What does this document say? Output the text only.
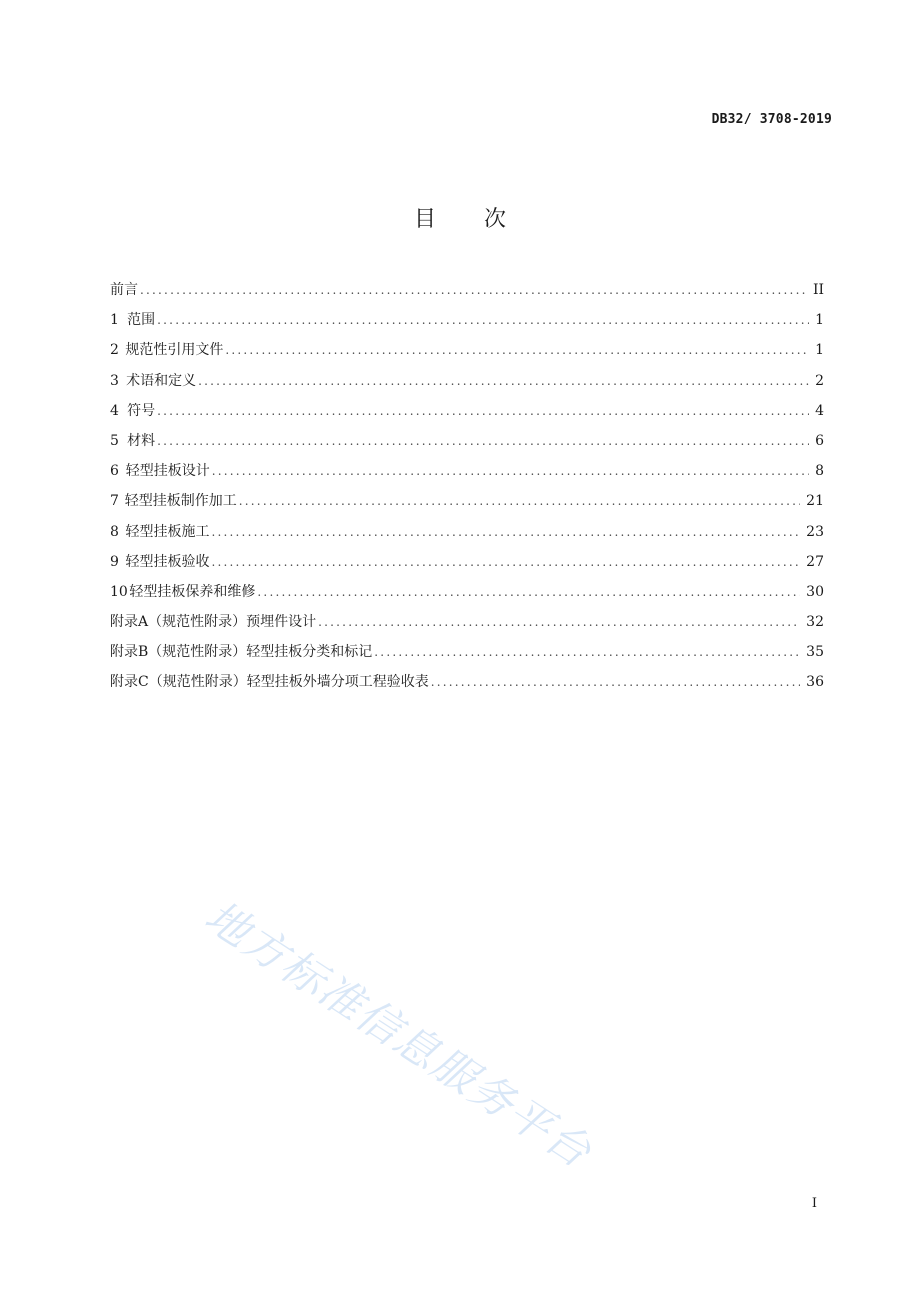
DB32/ 3708-2019
目次
前言 .....	II
1 范围 .....	1
2 规范性引用文件 .....	1
3 术语和定义 .....	2
4 符号 .....	4
5 材料 .....	6
6 轻型挂板设计 .....	8
7 轻型挂板制作加工 .....	21
8 轻型挂板施工 .....	23
9 轻型挂板验收 .....	27
10 轻型挂板保养和维修 .....	30
附录A（规范性附录） 预埋件设计 .....	32
附录B（规范性附录） 轻型挂板分类和标记 .....	35
附录C（规范性附录） 轻型挂板外墙分项工程验收表 .....	36
地方标准信息服务平台
I
